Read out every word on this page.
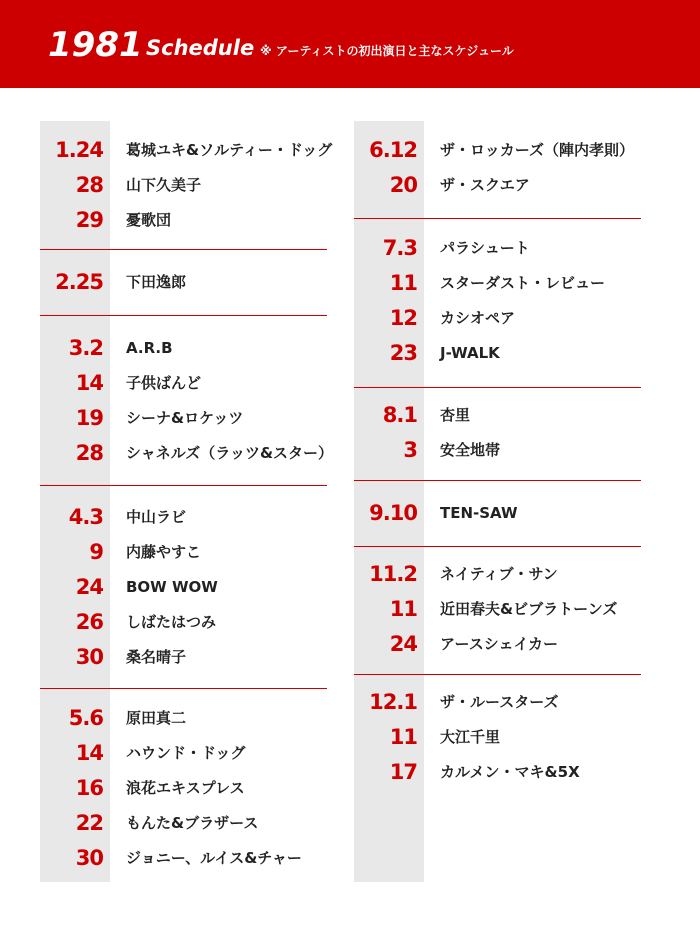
1981 Schedule ※ アーティストの初出演日と主なスケジュール
1.24 葛城ユキ&ソルティー・ドッグ
28 山下久美子
29 憂歌団
2.25 下田逸郎
3.2 A.R.B
14 子供ばんど
19 シーナ&ロケッツ
28 シャネルズ（ラッツ&スター）
4.3 中山ラビ
9 内藤やすこ
24 BOW WOW
26 しばたはつみ
30 桑名晴子
5.6 原田真二
14 ハウンド・ドッグ
16 浪花エキスプレス
22 もんた&ブラザース
30 ジョニー、ルイス&チャー
6.12 ザ・ロッカーズ（陣内孝則）
20 ザ・スクエア
7.3 パラシュート
11 スターダスト・レビュー
12 カシオペア
23 J-WALK
8.1 杏里
3 安全地帯
9.10 TEN-SAW
11.2 ネイティブ・サン
11 近田春夫&ビブラトーンズ
24 アースシェイカー
12.1 ザ・ルースターズ
11 大江千里
17 カルメン・マキ&5X
